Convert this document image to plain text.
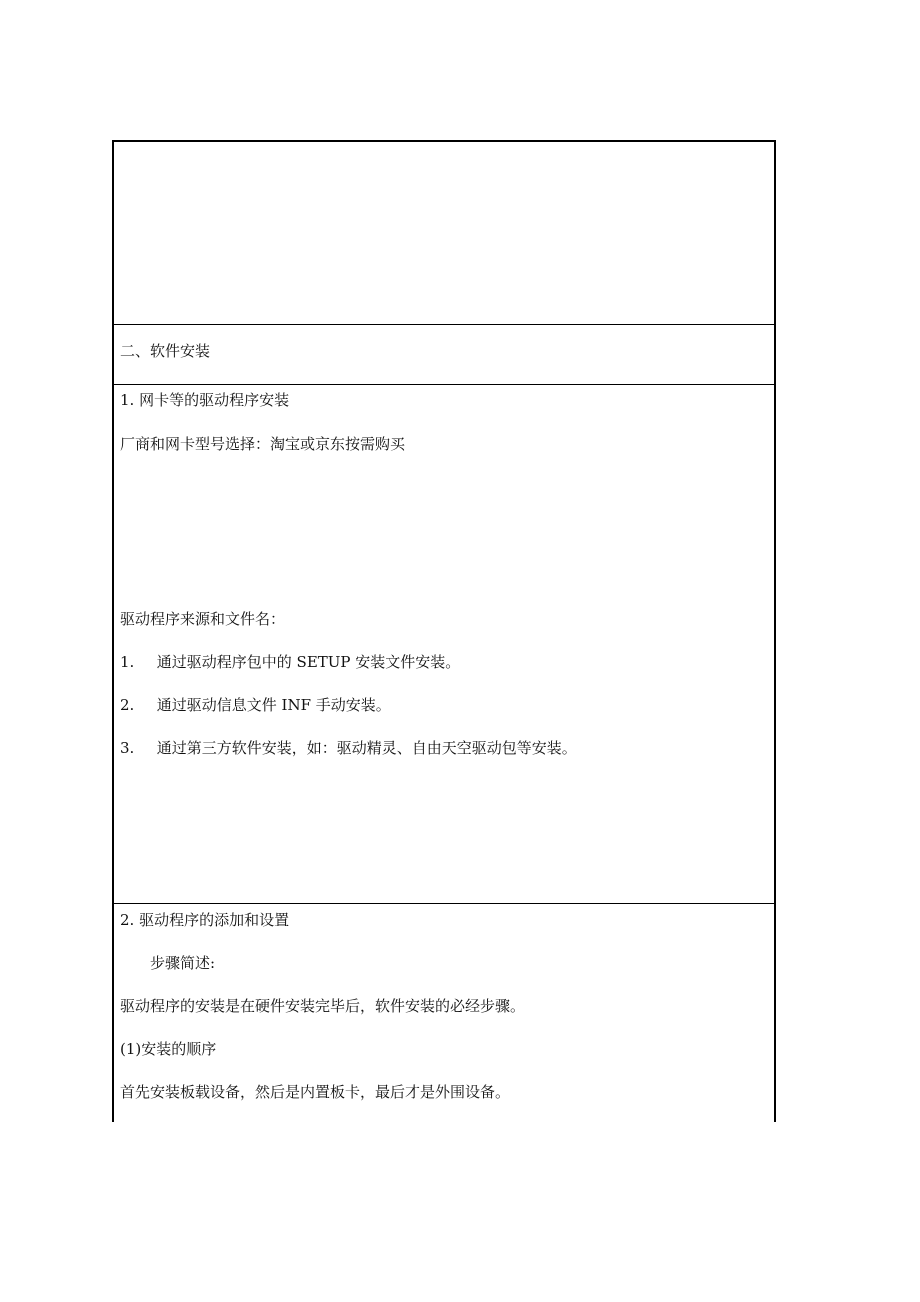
二、软件安装
1. 网卡等的驱动程序安装
厂商和网卡型号选择：淘宝或京东按需购买
驱动程序来源和文件名：
1. 通过驱动程序包中的 SETUP 安装文件安装。
2. 通过驱动信息文件 INF 手动安装。
3. 通过第三方软件安装，如：驱动精灵、自由天空驱动包等安装。
2. 驱动程序的添加和设置
步骤简述:
驱动程序的安装是在硬件安装完毕后，软件安装的必经步骤。
(1)安装的顺序
首先安装板载设备，然后是内置板卡，最后才是外围设备。
